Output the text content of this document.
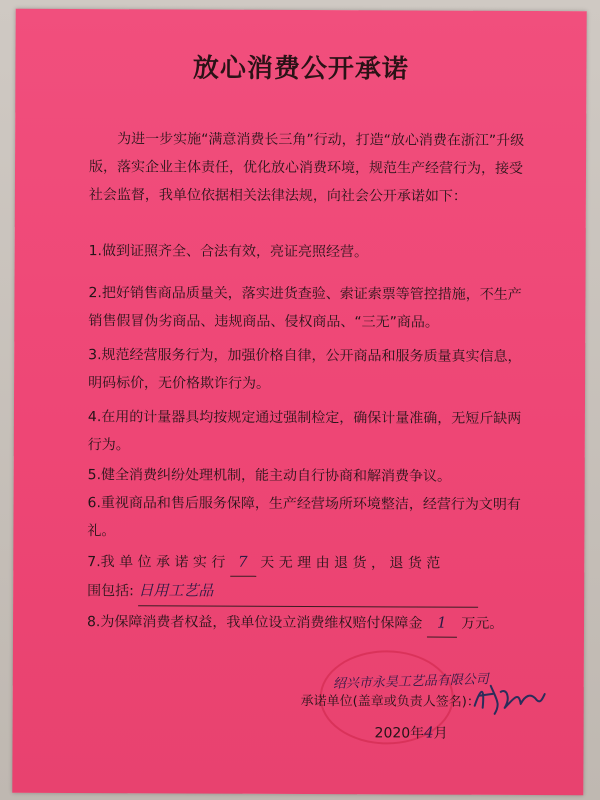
放心消费公开承诺

为进一步实施“满意消费长三角”行动，打造“放心消费在浙江”升级版，落实企业主体责任，优化放心消费环境，规范生产经营行为，接受社会监督，我单位依据相关法律法规，向社会公开承诺如下：

1.做到证照齐全、合法有效，亮证亮照经营。

2.把好销售商品质量关，落实进货查验、索证索票等管控措施，不生产销售假冒伪劣商品、违规商品、侵权商品、“三无”商品。

3.规范经营服务行为，加强价格自律，公开商品和服务质量真实信息，明码标价，无价格欺诈行为。

4.在用的计量器具均按规定通过强制检定，确保计量准确，无短斤缺两行为。

5.健全消费纠纷处理机制，能主动自行协商和解消费争议。

6.重视商品和售后服务保障，生产经营场所环境整洁，经营行为文明有礼。

7.我 单 位 承 诺 实 行 7 天 无 理 由 退 货 ， 退 货 范
围包括: 日用工艺品

8.为保障消费者权益，我单位设立消费维权赔付保障金 1 万元。

绍兴市永昊工艺品有限公司
承诺单位(盖章或负责人签名)：
2020年4月
